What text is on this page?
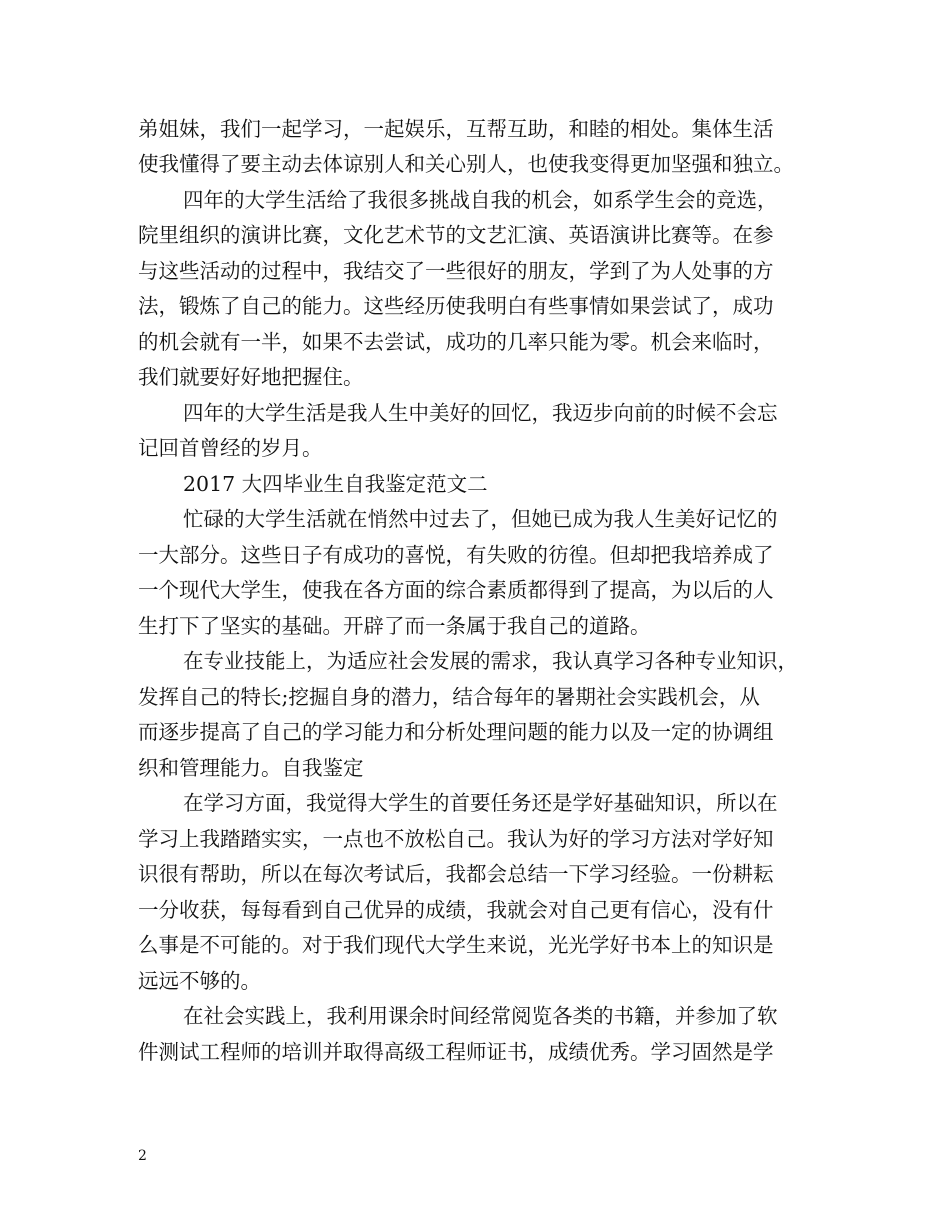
弟姐妹，我们一起学习，一起娱乐，互帮互助，和睦的相处。集体生活
使我懂得了要主动去体谅别人和关心别人，也使我变得更加坚强和独立。
四年的大学生活给了我很多挑战自我的机会，如系学生会的竞选，
院里组织的演讲比赛，文化艺术节的文艺汇演、英语演讲比赛等。在参
与这些活动的过程中，我结交了一些很好的朋友，学到了为人处事的方
法，锻炼了自己的能力。这些经历使我明白有些事情如果尝试了，成功
的机会就有一半，如果不去尝试，成功的几率只能为零。机会来临时，
我们就要好好地把握住。
四年的大学生活是我人生中美好的回忆，我迈步向前的时候不会忘
记回首曾经的岁月。
2017 大四毕业生自我鉴定范文二
忙碌的大学生活就在悄然中过去了，但她已成为我人生美好记忆的
一大部分。这些日子有成功的喜悦，有失败的彷徨。但却把我培养成了
一个现代大学生，使我在各方面的综合素质都得到了提高，为以后的人
生打下了坚实的基础。开辟了而一条属于我自己的道路。
在专业技能上，为适应社会发展的需求，我认真学习各种专业知识，
发挥自己的特长;挖掘自身的潜力，结合每年的暑期社会实践机会，从
而逐步提高了自己的学习能力和分析处理问题的能力以及一定的协调组
织和管理能力。自我鉴定
在学习方面，我觉得大学生的首要任务还是学好基础知识，所以在
学习上我踏踏实实，一点也不放松自己。我认为好的学习方法对学好知
识很有帮助，所以在每次考试后，我都会总结一下学习经验。一份耕耘
一分收获，每每看到自己优异的成绩，我就会对自己更有信心，没有什
么事是不可能的。对于我们现代大学生来说，光光学好书本上的知识是
远远不够的。
在社会实践上，我利用课余时间经常阅览各类的书籍，并参加了软
件测试工程师的培训并取得高级工程师证书，成绩优秀。学习固然是学
2
